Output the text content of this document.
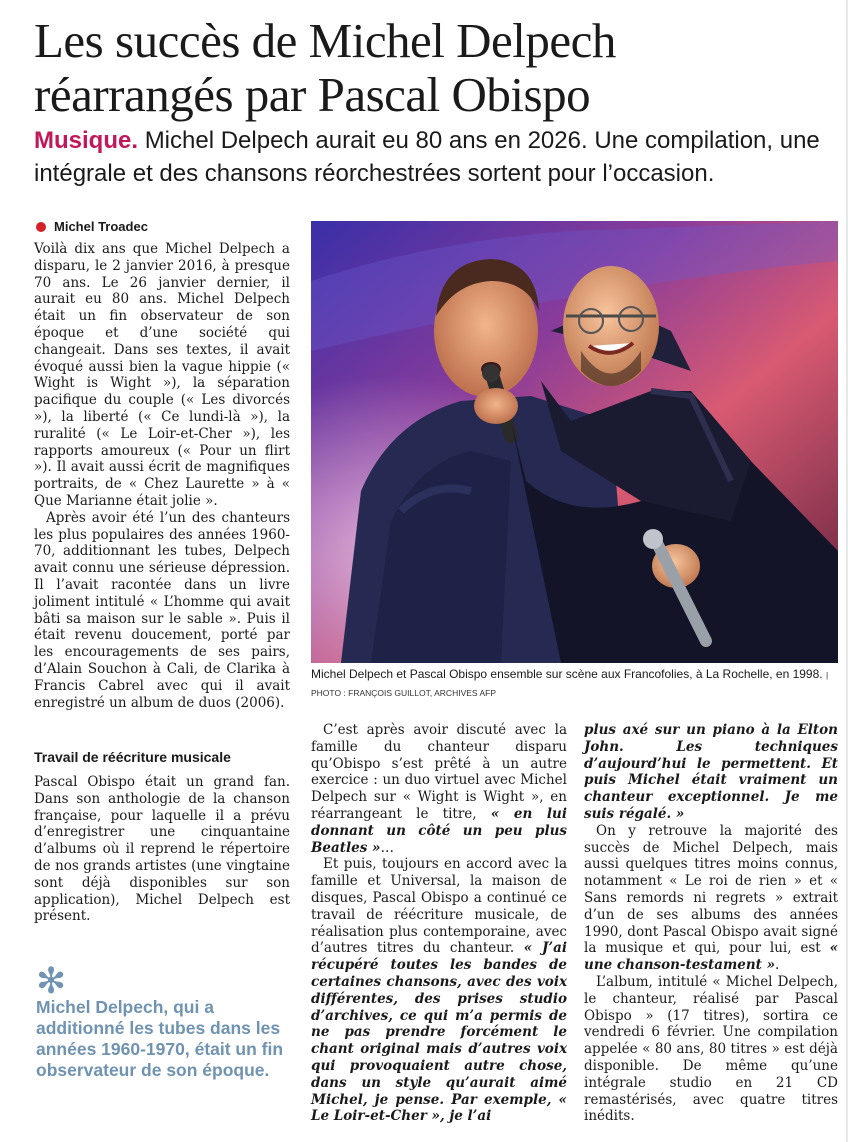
Les succès de Michel Delpech réarrangés par Pascal Obispo
Musique. Michel Delpech aurait eu 80 ans en 2026. Une compilation, une intégrale et des chansons réorchestrées sortent pour l’occasion.
Michel Troadec

Voilà dix ans que Michel Delpech a disparu, le 2 janvier 2016, à presque 70 ans. Le 26 janvier dernier, il aurait eu 80 ans. Michel Delpech était un fin observateur de son époque et d’une société qui changeait. Dans ses textes, il avait évoqué aussi bien la vague hippie (« Wight is Wight »), la séparation pacifique du couple (« Les divorcés »), la liberté (« Ce lundi-là »), la ruralité (« Le Loir-et-Cher »), les rapports amoureux (« Pour un flirt »). Il avait aussi écrit de magnifiques portraits, de « Chez Laurette » à « Que Marianne était jolie ».

Après avoir été l’un des chanteurs les plus populaires des années 1960-70, additionnant les tubes, Delpech avait connu une sérieuse dépression. Il l’avait racontée dans un livre joliment intitulé « L’homme qui avait bâti sa maison sur le sable ». Puis il était revenu doucement, porté par les encouragements de ses pairs, d’Alain Souchon à Cali, de Clarika à Francis Cabrel avec qui il avait enregistré un album de duos (2006).

Travail de réécriture musicale

Pascal Obispo était un grand fan. Dans son anthologie de la chanson française, pour laquelle il a prévu d’enregistrer une cinquantaine d’albums où il reprend le répertoire de nos grands artistes (une vingtaine sont déjà disponibles sur son application), Michel Delpech est présent.

✻
Michel Delpech, qui a additionné les tubes dans les années 1960-1970, était un fin observateur de son époque.
Michel Delpech et Pascal Obispo ensemble sur scène aux Francofolies, à La Rochelle, en 1998. | PHOTO : FRANÇOIS GUILLOT, ARCHIVES AFP

C’est après avoir discuté avec la famille du chanteur disparu qu’Obispo s’est prêté à un autre exercice : un duo virtuel avec Michel Delpech sur « Wight is Wight », en réarrangeant le titre, « en lui donnant un côté un peu plus Beatles »…

Et puis, toujours en accord avec la famille et Universal, la maison de disques, Pascal Obispo a continué ce travail de réécriture musicale, de réalisation plus contemporaine, avec d’autres titres du chanteur. « J’ai récupéré toutes les bandes de certaines chansons, avec des voix différentes, des prises studio d’archives, ce qui m’a permis de ne pas prendre forcément le chant original mais d’autres voix qui provoquaient autre chose, dans un style qu’aurait aimé Michel, je pense. Par exemple, « Le Loir-et-Cher », je l’ai

plus axé sur un piano à la Elton John. Les techniques d’aujourd’hui le permettent. Et puis Michel était vraiment un chanteur exceptionnel. Je me suis régalé. »

On y retrouve la majorité des succès de Michel Delpech, mais aussi quelques titres moins connus, notamment « Le roi de rien » et « Sans remords ni regrets » extrait d’un de ses albums des années 1990, dont Pascal Obispo avait signé la musique et qui, pour lui, est « une chanson-testament ».

L’album, intitulé « Michel Delpech, le chanteur, réalisé par Pascal Obispo » (17 titres), sortira ce vendredi 6 février. Une compilation appelée « 80 ans, 80 titres » est déjà disponible. De même qu’une intégrale studio en 21 CD remastérisés, avec quatre titres inédits.
